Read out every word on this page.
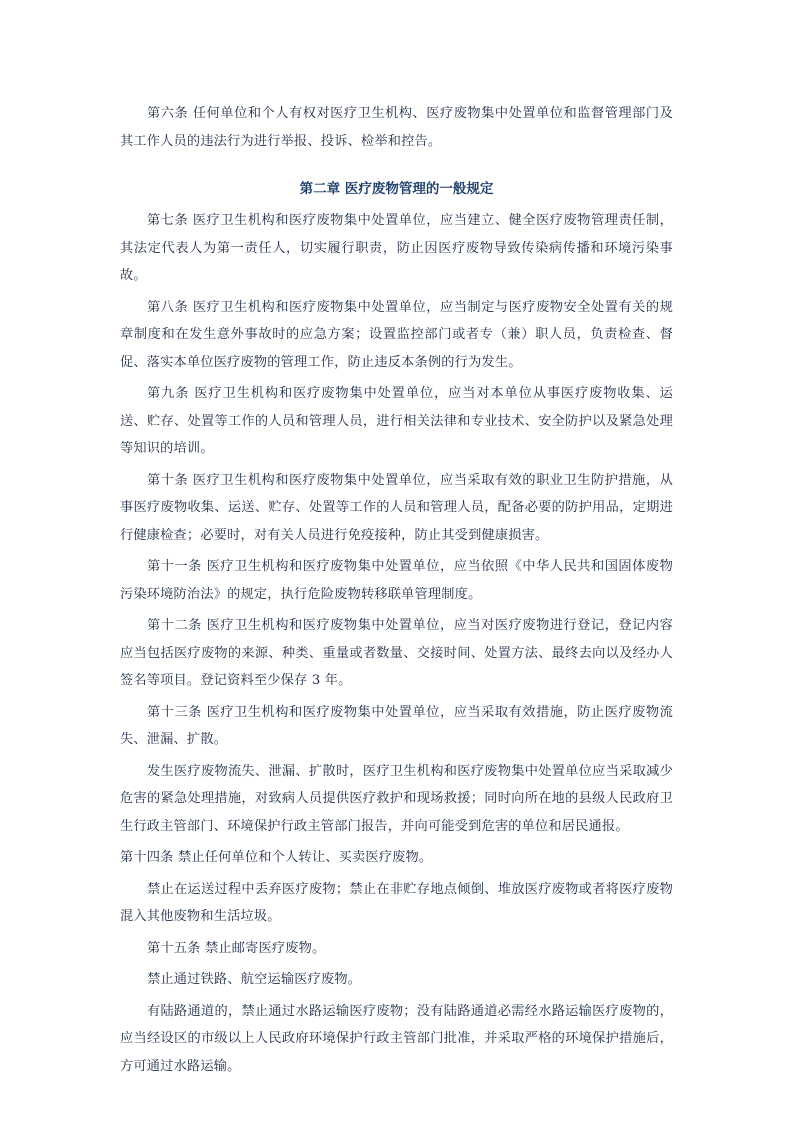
第六条 任何单位和个人有权对医疗卫生机构、医疗废物集中处置单位和监督管理部门及其工作人员的违法行为进行举报、投诉、检举和控告。

第二章 医疗废物管理的一般规定

第七条 医疗卫生机构和医疗废物集中处置单位，应当建立、健全医疗废物管理责任制，其法定代表人为第一责任人，切实履行职责，防止因医疗废物导致传染病传播和环境污染事故。

第八条 医疗卫生机构和医疗废物集中处置单位，应当制定与医疗废物安全处置有关的规章制度和在发生意外事故时的应急方案；设置监控部门或者专（兼）职人员，负责检查、督促、落实本单位医疗废物的管理工作，防止违反本条例的行为发生。

第九条 医疗卫生机构和医疗废物集中处置单位，应当对本单位从事医疗废物收集、运送、贮存、处置等工作的人员和管理人员，进行相关法律和专业技术、安全防护以及紧急处理等知识的培训。

第十条 医疗卫生机构和医疗废物集中处置单位，应当采取有效的职业卫生防护措施，从事医疗废物收集、运送、贮存、处置等工作的人员和管理人员，配备必要的防护用品，定期进行健康检查；必要时，对有关人员进行免疫接种，防止其受到健康损害。

第十一条 医疗卫生机构和医疗废物集中处置单位，应当依照《中华人民共和国固体废物污染环境防治法》的规定，执行危险废物转移联单管理制度。

第十二条 医疗卫生机构和医疗废物集中处置单位，应当对医疗废物进行登记，登记内容应当包括医疗废物的来源、种类、重量或者数量、交接时间、处置方法、最终去向以及经办人签名等项目。登记资料至少保存 3 年。

第十三条 医疗卫生机构和医疗废物集中处置单位，应当采取有效措施，防止医疗废物流失、泄漏、扩散。

发生医疗废物流失、泄漏、扩散时，医疗卫生机构和医疗废物集中处置单位应当采取减少危害的紧急处理措施，对致病人员提供医疗救护和现场救援；同时向所在地的县级人民政府卫生行政主管部门、环境保护行政主管部门报告，并向可能受到危害的单位和居民通报。

第十四条 禁止任何单位和个人转让、买卖医疗废物。

禁止在运送过程中丢弃医疗废物；禁止在非贮存地点倾倒、堆放医疗废物或者将医疗废物混入其他废物和生活垃圾。

第十五条 禁止邮寄医疗废物。

禁止通过铁路、航空运输医疗废物。

有陆路通道的，禁止通过水路运输医疗废物；没有陆路通道必需经水路运输医疗废物的，应当经设区的市级以上人民政府环境保护行政主管部门批准，并采取严格的环境保护措施后，方可通过水路运输。
